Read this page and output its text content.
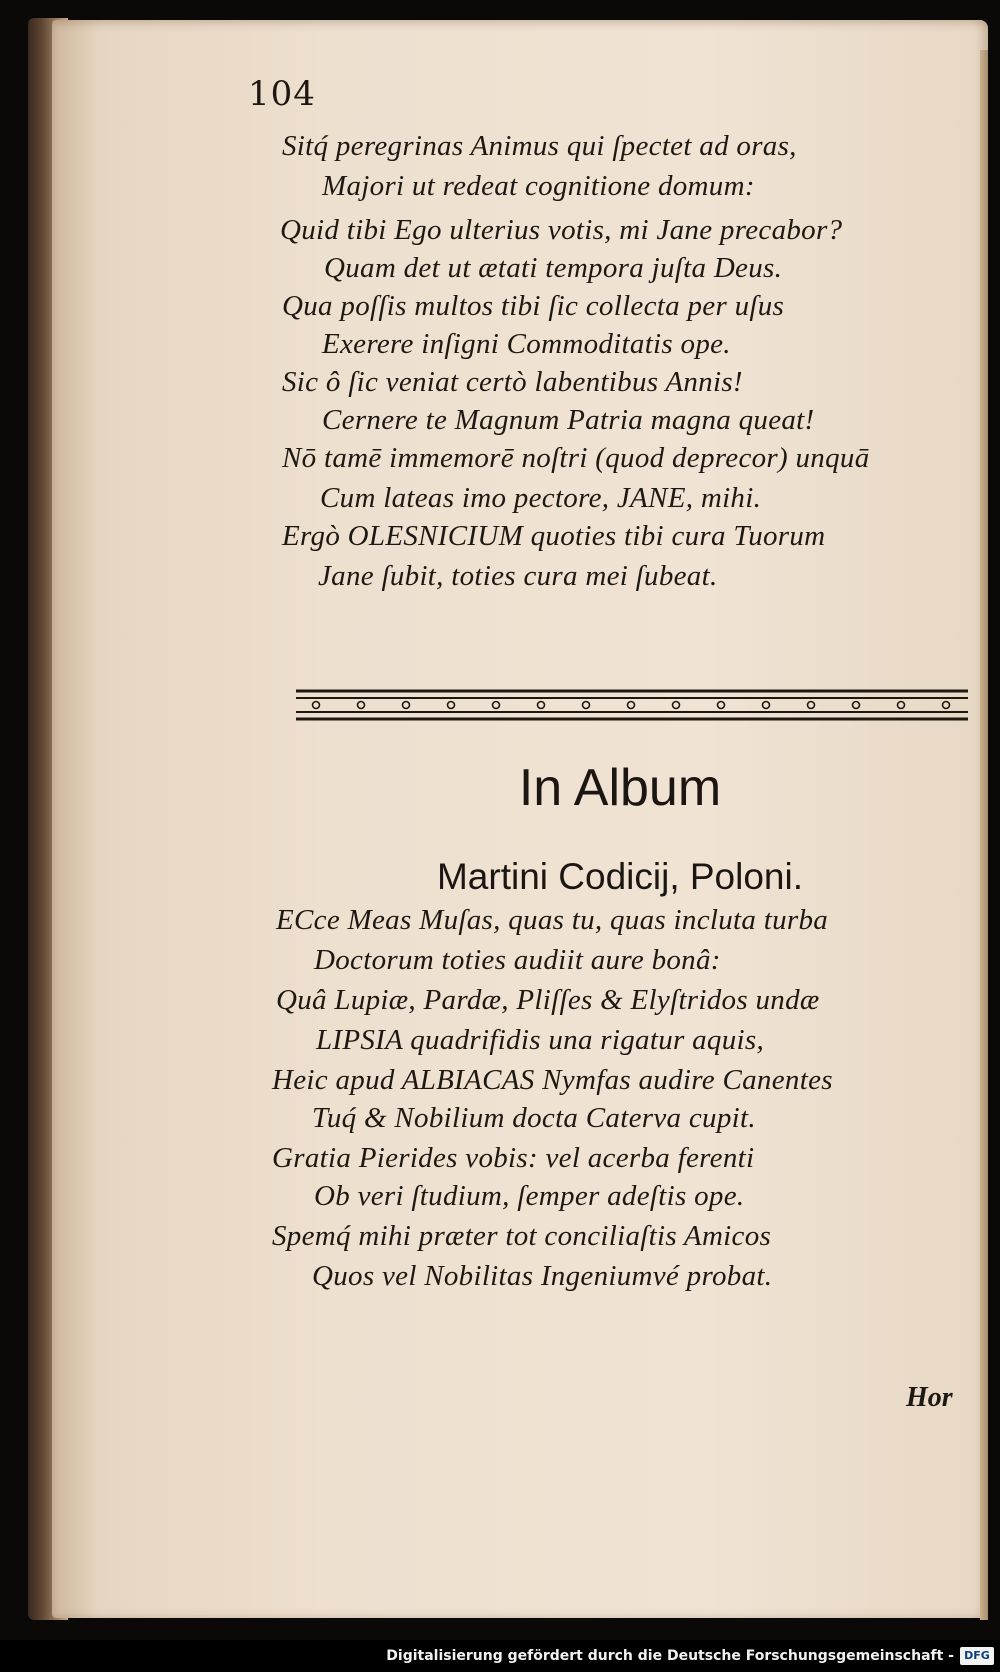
104

Sitq́ peregrinas Animus qui ſpectet ad oras,

Majori ut redeat cognitione domum:

Quid tibi Ego ulterius votis, mi Jane precabor?

Quam det ut ætati tempora juſta Deus.

Qua poſſis multos tibi ſic collecta per uſus

Exerere inſigni Commoditatis ope.

Sic ô ſic veniat certò labentibus Annis!

Cernere te Magnum Patria magna queat!

Nō tamē immemorē noſtri (quod deprecor) unquā

Cum lateas imo pectore, JANE, mihi.

Ergò OLESNICIUM quoties tibi cura Tuorum

Jane ſubit, toties cura mei ſubeat.

In Album
Martini Codicij, Poloni.

ECce Meas Muſas, quas tu, quas incluta turba

Doctorum toties audiit aure bonâ:

Quâ Lupiæ, Pardæ, Pliſſes & Elyſtridos undæ

LIPSIA quadrifidis una rigatur aquis,

Heic apud ALBIACAS Nymfas audire Canentes

Tuq́ & Nobilium docta Caterva cupit.

Gratia Pierides vobis: vel acerba ferenti

Ob veri ſtudium, ſemper adeſtis ope.

Spemq́ mihi præter tot conciliaſtis Amicos

Quos vel Nobilitas Ingeniumvé probat.

Hor

Digitalisierung gefördert durch die Deutsche Forschungsgemeinschaft - DFG
